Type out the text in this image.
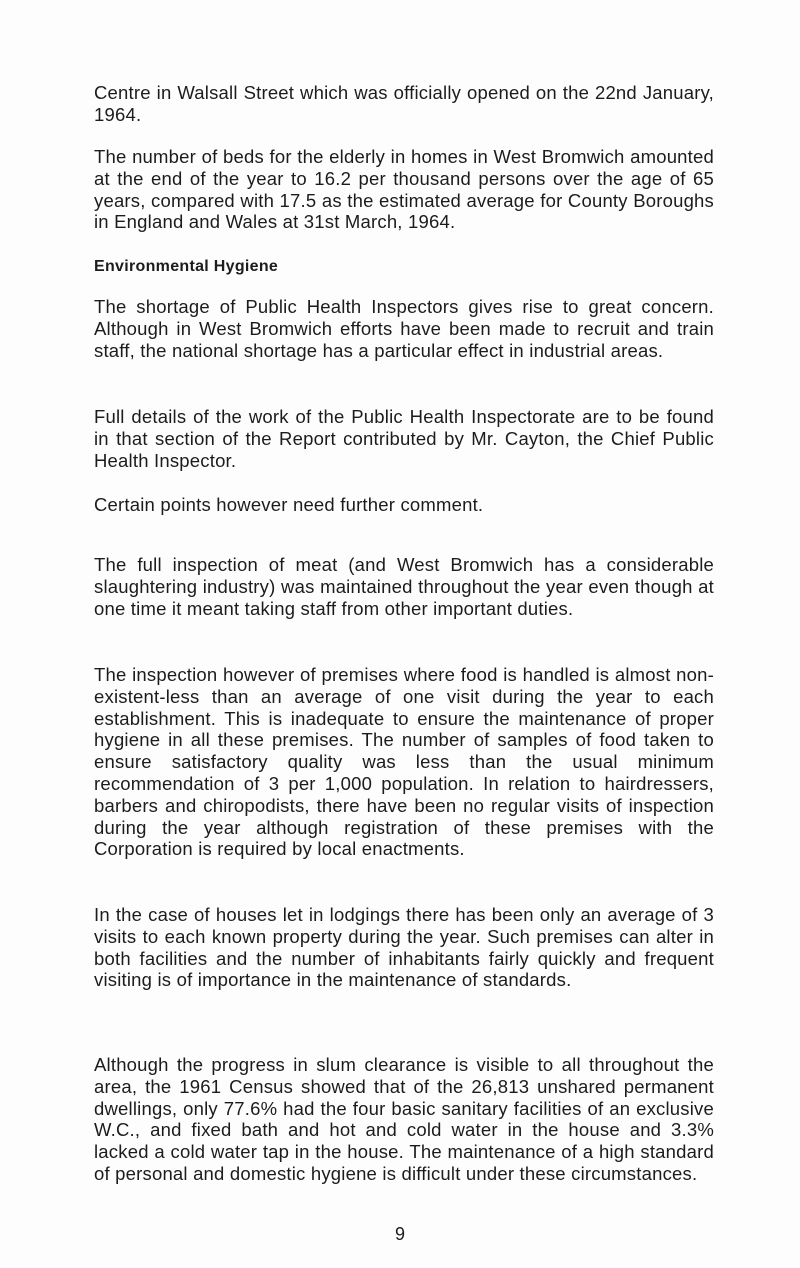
Centre in Walsall Street which was officially opened on the 22nd January, 1964.

The number of beds for the elderly in homes in West Bromwich amounted at the end of the year to 16.2 per thousand persons over the age of 65 years, compared with 17.5 as the estimated average for County Boroughs in England and Wales at 31st March, 1964.

Environmental Hygiene

The shortage of Public Health Inspectors gives rise to great concern. Although in West Bromwich efforts have been made to recruit and train staff, the national shortage has a particular effect in industrial areas.

Full details of the work of the Public Health Inspectorate are to be found in that section of the Report contributed by Mr. Cayton, the Chief Public Health Inspector.

Certain points however need further comment.

The full inspection of meat (and West Bromwich has a considerable slaughtering industry) was maintained throughout the year even though at one time it meant taking staff from other important duties.

The inspection however of premises where food is handled is almost non-existent-less than an average of one visit during the year to each establishment. This is inadequate to ensure the maintenance of proper hygiene in all these premises. The number of samples of food taken to ensure satisfactory quality was less than the usual minimum recommendation of 3 per 1,000 population. In relation to hairdressers, barbers and chiropodists, there have been no regular visits of inspection during the year although registration of these premises with the Corporation is required by local enactments.

In the case of houses let in lodgings there has been only an average of 3 visits to each known property during the year. Such premises can alter in both facilities and the number of inhabitants fairly quickly and frequent visiting is of importance in the maintenance of standards.

Although the progress in slum clearance is visible to all throughout the area, the 1961 Census showed that of the 26,813 unshared permanent dwellings, only 77.6% had the four basic sanitary facilities of an exclusive W.C., and fixed bath and hot and cold water in the house and 3.3% lacked a cold water tap in the house. The maintenance of a high standard of personal and domestic hygiene is difficult under these circumstances.

9
